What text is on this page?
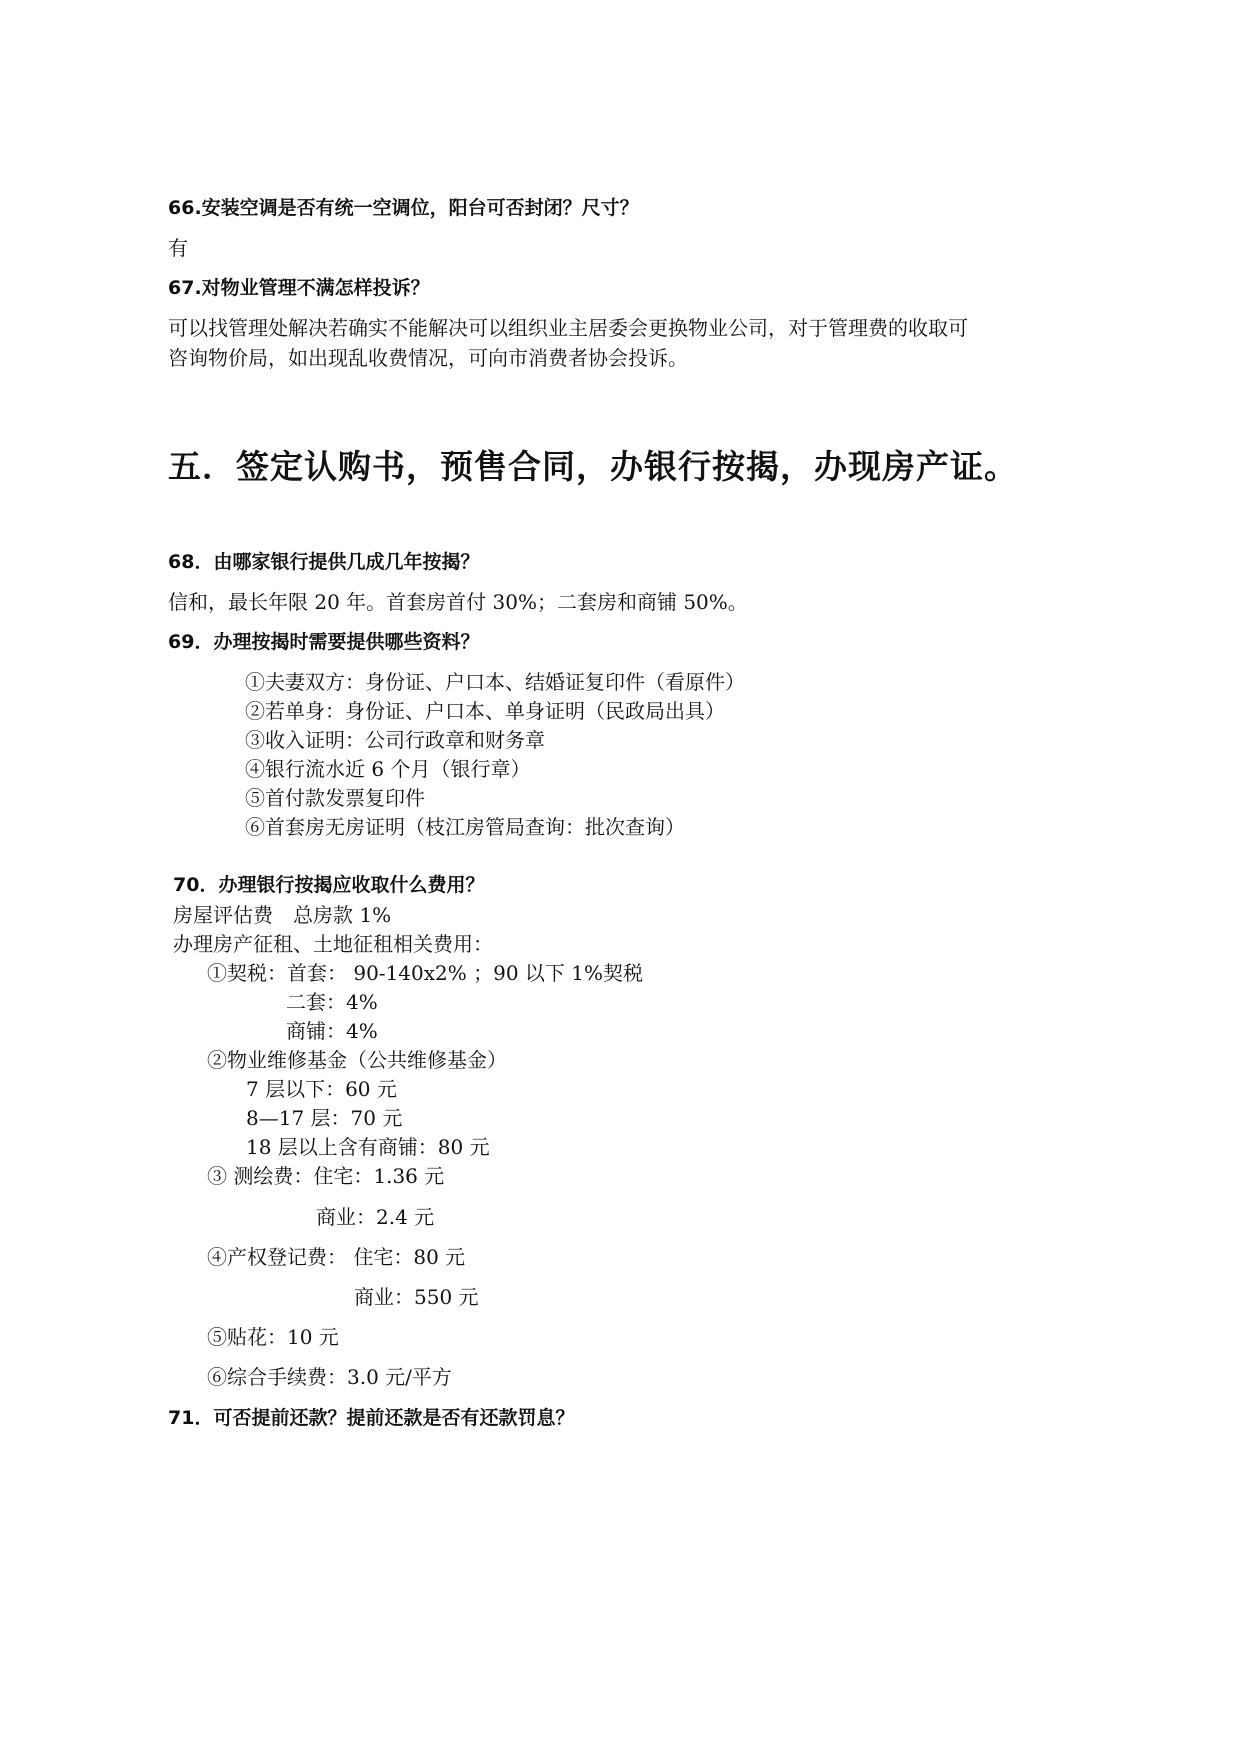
66.安装空调是否有统一空调位，阳台可否封闭？尺寸？
有
67.对物业管理不满怎样投诉？
可以找管理处解决若确实不能解决可以组织业主居委会更换物业公司，对于管理费的收取可
咨询物价局，如出现乱收费情况，可向市消费者协会投诉。
五．签定认购书，预售合同，办银行按揭，办现房产证。
68．由哪家银行提供几成几年按揭？
信和，最长年限 20 年。首套房首付 30%；二套房和商铺 50%。
69．办理按揭时需要提供哪些资料？
①夫妻双方：身份证、户口本、结婚证复印件（看原件）
②若单身：身份证、户口本、单身证明（民政局出具）
③收入证明：公司行政章和财务章
④银行流水近 6 个月（银行章）
⑤首付款发票复印件
⑥首套房无房证明（枝江房管局查询：批次查询）
70．办理银行按揭应收取什么费用？
房屋评估费　总房款 1%
办理房产征租、土地征租相关费用：
①契税：首套： 90-140x2% ；90 以下 1%契税
二套：4%
商铺：4%
②物业维修基金（公共维修基金）
7 层以下：60 元
8—17 层：70 元
18 层以上含有商铺：80 元
③ 测绘费：住宅：1.36 元
商业：2.4 元
④产权登记费： 住宅：80 元
商业：550 元
⑤贴花：10 元
⑥综合手续费：3.0 元/平方
71．可否提前还款？提前还款是否有还款罚息？
